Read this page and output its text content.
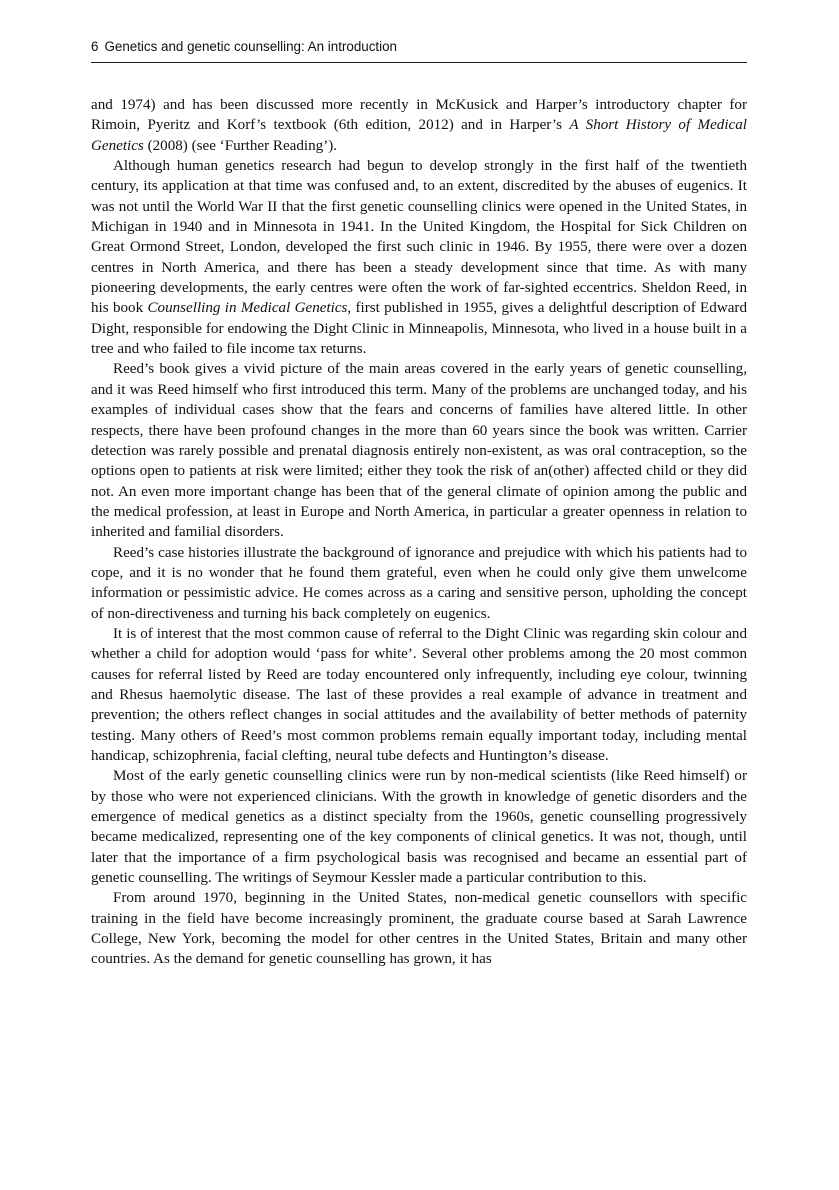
6 Genetics and genetic counselling: An introduction

and 1974) and has been discussed more recently in McKusick and Harper’s introductory chapter for Rimoin, Pyeritz and Korf’s textbook (6th edition, 2012) and in Harper’s A Short History of Medical Genetics (2008) (see ‘Further Reading’).

Although human genetics research had begun to develop strongly in the first half of the twentieth century, its application at that time was confused and, to an extent, discredited by the abuses of eugenics. It was not until the World War II that the first genetic counselling clinics were opened in the United States, in Michigan in 1940 and in Minnesota in 1941. In the United Kingdom, the Hospital for Sick Children on Great Ormond Street, London, developed the first such clinic in 1946. By 1955, there were over a dozen centres in North America, and there has been a steady development since that time. As with many pioneering developments, the early centres were often the work of far-sighted eccentrics. Sheldon Reed, in his book Counselling in Medical Genetics, first published in 1955, gives a delightful description of Edward Dight, responsible for endowing the Dight Clinic in Minneapolis, Minnesota, who lived in a house built in a tree and who failed to file income tax returns.

Reed’s book gives a vivid picture of the main areas covered in the early years of genetic counselling, and it was Reed himself who first introduced this term. Many of the problems are unchanged today, and his examples of individual cases show that the fears and concerns of families have altered little. In other respects, there have been profound changes in the more than 60 years since the book was written. Carrier detection was rarely possible and prenatal diagnosis entirely non-existent, as was oral contraception, so the options open to patients at risk were limited; either they took the risk of an(other) affected child or they did not. An even more important change has been that of the general climate of opinion among the public and the medical profession, at least in Europe and North America, in particular a greater openness in relation to inherited and familial disorders.

Reed’s case histories illustrate the background of ignorance and prejudice with which his patients had to cope, and it is no wonder that he found them grateful, even when he could only give them unwelcome information or pessimistic advice. He comes across as a caring and sensitive person, upholding the concept of non-directiveness and turning his back completely on eugenics.

It is of interest that the most common cause of referral to the Dight Clinic was regarding skin colour and whether a child for adoption would ‘pass for white’. Several other problems among the 20 most common causes for referral listed by Reed are today encountered only infrequently, including eye colour, twinning and Rhesus haemolytic disease. The last of these provides a real example of advance in treatment and prevention; the others reflect changes in social attitudes and the availability of better methods of paternity testing. Many others of Reed’s most common problems remain equally important today, including mental handicap, schizophrenia, facial clefting, neural tube defects and Huntington’s disease.

Most of the early genetic counselling clinics were run by non-medical scientists (like Reed himself) or by those who were not experienced clinicians. With the growth in knowledge of genetic disorders and the emergence of medical genetics as a distinct specialty from the 1960s, genetic counselling progressively became medicalized, representing one of the key components of clinical genetics. It was not, though, until later that the importance of a firm psychological basis was recognised and became an essential part of genetic counselling. The writings of Seymour Kessler made a particular contribution to this.

From around 1970, beginning in the United States, non-medical genetic counsellors with specific training in the field have become increasingly prominent, the graduate course based at Sarah Lawrence College, New York, becoming the model for other centres in the United States, Britain and many other countries. As the demand for genetic counselling has grown, it has
